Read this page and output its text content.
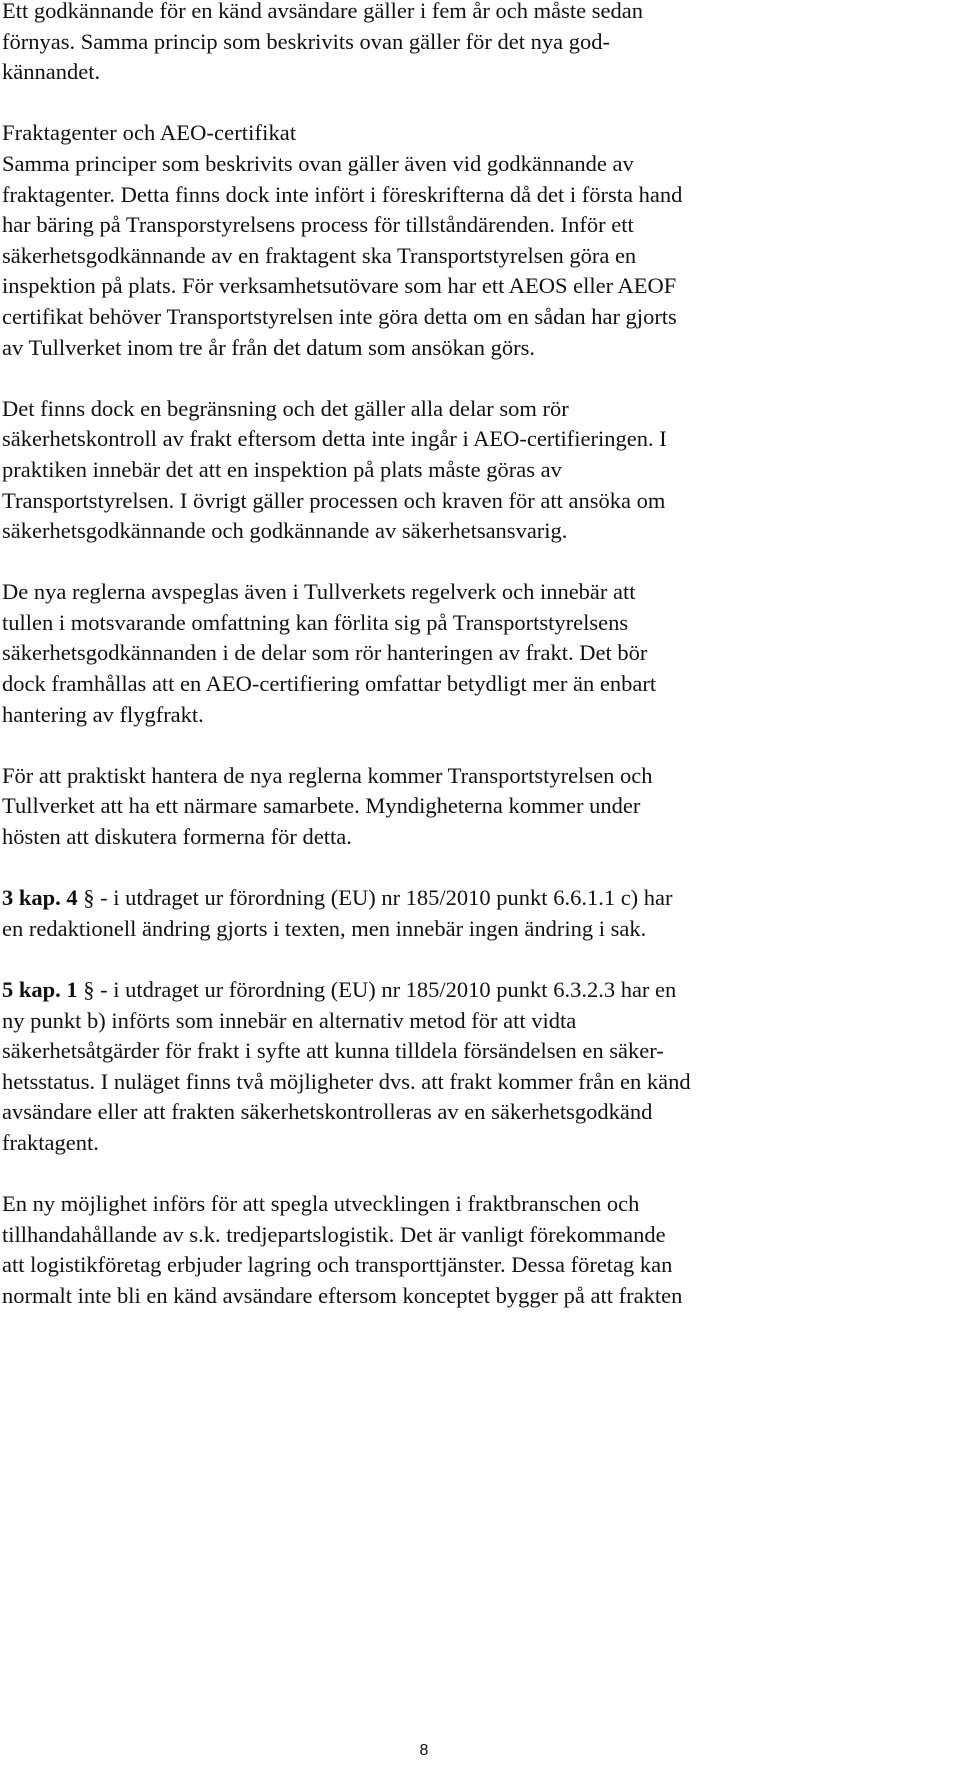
Ett godkännande för en känd avsändare gäller i fem år och måste sedan
förnyas. Samma princip som beskrivits ovan gäller för det nya god-
kännandet.

Fraktagenter och AEO-certifikat

Samma principer som beskrivits ovan gäller även vid godkännande av
fraktagenter. Detta finns dock inte infört i föreskrifterna då det i första hand
har bäring på Transporstyrelsens process för tillståndärenden. Inför ett
säkerhetsgodkännande av en fraktagent ska Transportstyrelsen göra en
inspektion på plats. För verksamhetsutövare som har ett AEOS eller AEOF
certifikat behöver Transportstyrelsen inte göra detta om en sådan har gjorts
av Tullverket inom tre år från det datum som ansökan görs.

Det finns dock en begränsning och det gäller alla delar som rör
säkerhetskontroll av frakt eftersom detta inte ingår i AEO-certifieringen. I
praktiken innebär det att en inspektion på plats måste göras av
Transportstyrelsen. I övrigt gäller processen och kraven för att ansöka om
säkerhetsgodkännande och godkännande av säkerhetsansvarig.

De nya reglerna avspeglas även i Tullverkets regelverk och innebär att
tullen i motsvarande omfattning kan förlita sig på Transportstyrelsens
säkerhetsgodkännanden i de delar som rör hanteringen av frakt. Det bör
dock framhållas att en AEO-certifiering omfattar betydligt mer än enbart
hantering av flygfrakt.

För att praktiskt hantera de nya reglerna kommer Transportstyrelsen och
Tullverket att ha ett närmare samarbete. Myndigheterna kommer under
hösten att diskutera formerna för detta.

3 kap. 4 § - i utdraget ur förordning (EU) nr 185/2010 punkt 6.6.1.1 c) har
en redaktionell ändring gjorts i texten, men innebär ingen ändring i sak.

5 kap. 1 § - i utdraget ur förordning (EU) nr 185/2010 punkt 6.3.2.3 har en
ny punkt b) införts som innebär en alternativ metod för att vidta
säkerhetsåtgärder för frakt i syfte att kunna tilldela försändelsen en säker-
hetsstatus. I nuläget finns två möjligheter dvs. att frakt kommer från en känd
avsändare eller att frakten säkerhetskontrolleras av en säkerhetsgodkänd
fraktagent.

En ny möjlighet införs för att spegla utvecklingen i fraktbranschen och
tillhandahållande av s.k. tredjepartslogistik. Det är vanligt förekommande
att logistikföretag erbjuder lagring och transporttjänster. Dessa företag kan
normalt inte bli en känd avsändare eftersom konceptet bygger på att frakten

8
